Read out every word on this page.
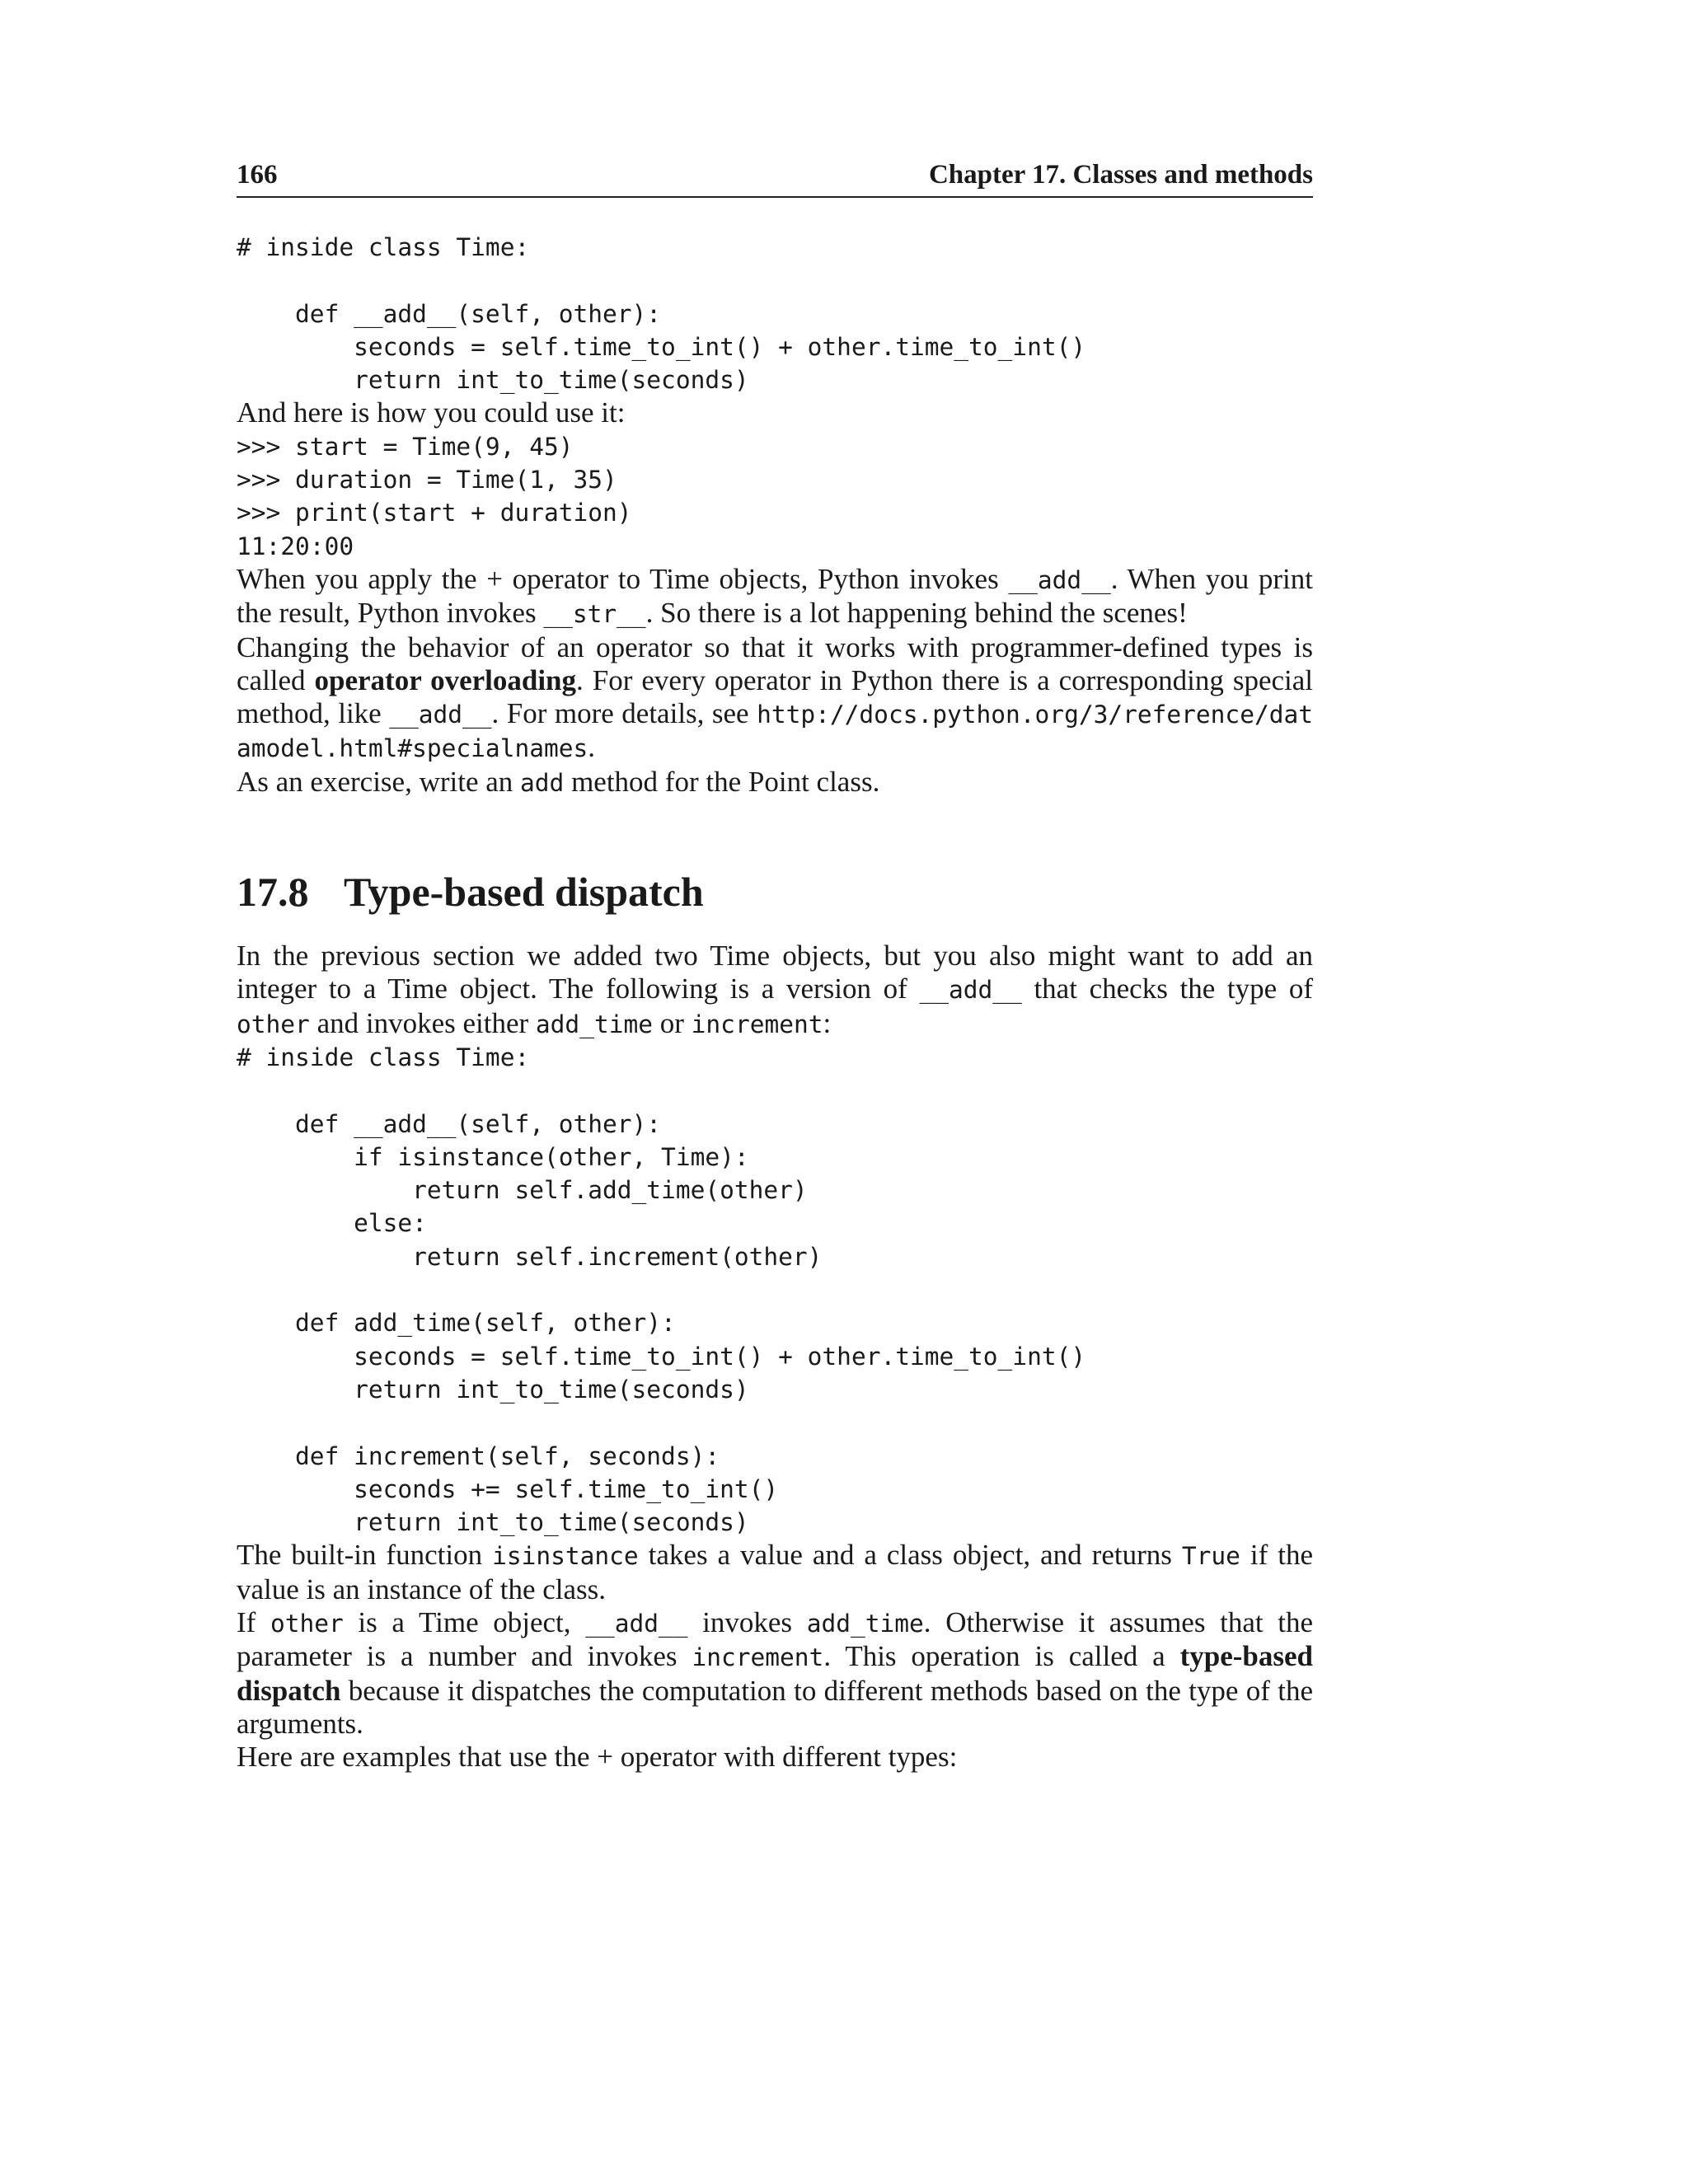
166	Chapter 17. Classes and methods
# inside class Time:

def __add__(self, other):
seconds = self.time_to_int() + other.time_to_int()
return int_to_time(seconds)

And here is how you could use it:

>>> start = Time(9, 45)
>>> duration = Time(1, 35)
>>> print(start + duration)
11:20:00

When you apply the + operator to Time objects, Python invokes __add__. When you print the result, Python invokes __str__. So there is a lot happening behind the scenes!

Changing the behavior of an operator so that it works with programmer-defined types is called operator overloading. For every operator in Python there is a corresponding special method, like __add__. For more details, see http://docs.python.org/3/reference/datamodel.html#specialnames.

As an exercise, write an add method for the Point class.

17.8 Type-based dispatch

In the previous section we added two Time objects, but you also might want to add an integer to a Time object. The following is a version of __add__ that checks the type of other and invokes either add_time or increment:

# inside class Time:

def __add__(self, other):
if isinstance(other, Time):
return self.add_time(other)
else:
return self.increment(other)

def add_time(self, other):
seconds = self.time_to_int() + other.time_to_int()
return int_to_time(seconds)

def increment(self, seconds):
seconds += self.time_to_int()
return int_to_time(seconds)

The built-in function isinstance takes a value and a class object, and returns True if the value is an instance of the class.

If other is a Time object, __add__ invokes add_time. Otherwise it assumes that the parameter is a number and invokes increment. This operation is called a type-based dispatch because it dispatches the computation to different methods based on the type of the arguments.

Here are examples that use the + operator with different types:
